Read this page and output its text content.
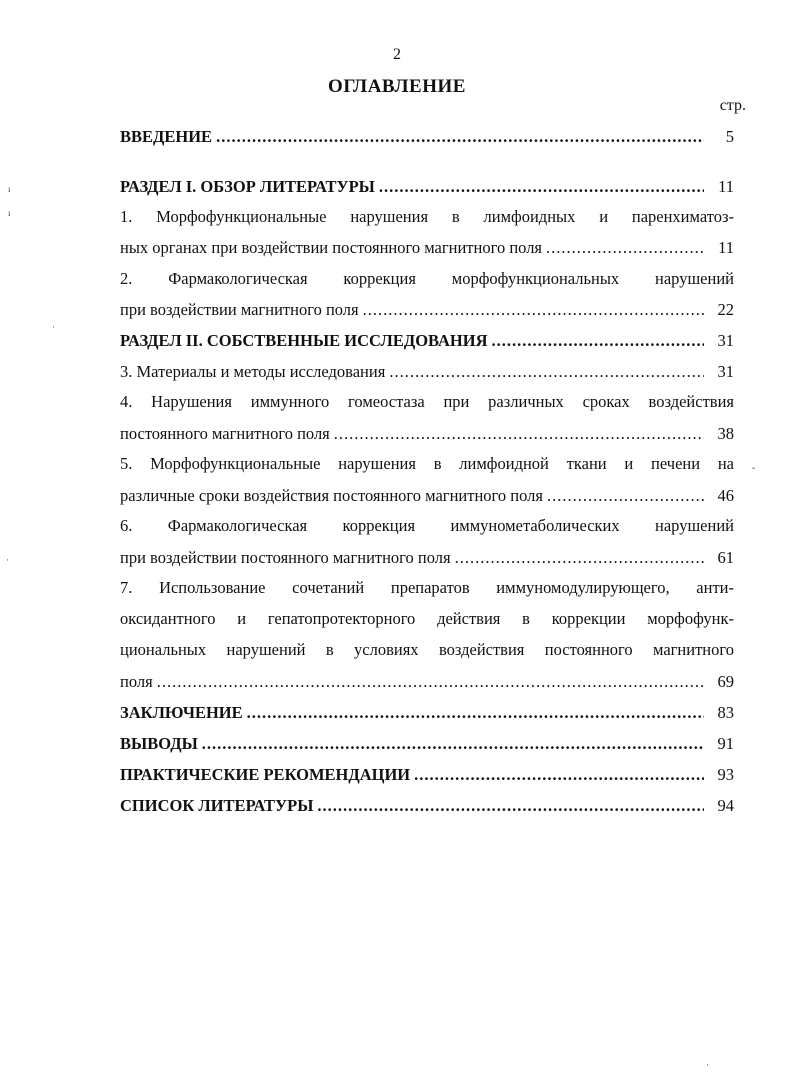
2
ОГЛАВЛЕНИЕ
стр.
ВВЕДЕНИЕ .....	5
РАЗДЕЛ I. ОБЗОР ЛИТЕРАТУРЫ .....	11
1. Морфофункциональные нарушения в лимфоидных и паренхиматоз-
ных органах при воздействии постоянного магнитного поля .....	11
2. Фармакологическая коррекция морфофункциональных нарушений
при воздействии магнитного поля .....	22
РАЗДЕЛ II. СОБСТВЕННЫЕ ИССЛЕДОВАНИЯ .....	31
3. Материалы и методы исследования .....	31
4. Нарушения иммунного гомеостаза при различных сроках воздействия
постоянного магнитного поля .....	38
5. Морфофункциональные нарушения в лимфоидной ткани и печени на
различные сроки воздействия постоянного магнитного поля .....	46
6. Фармакологическая коррекция иммунометаболических нарушений
при воздействии постоянного магнитного поля .....	61
7. Использование сочетаний препаратов иммуномодулирующего, анти-
оксидантного и гепатопротекторного действия в коррекции морфофунк-
циональных нарушений в условиях воздействия постоянного магнитного
поля .....	69
ЗАКЛЮЧЕНИЕ .....	83
ВЫВОДЫ .....	91
ПРАКТИЧЕСКИЕ РЕКОМЕНДАЦИИ .....	93
СПИСОК ЛИТЕРАТУРЫ .....	94
ı
ı
·
ˇ
·
·
